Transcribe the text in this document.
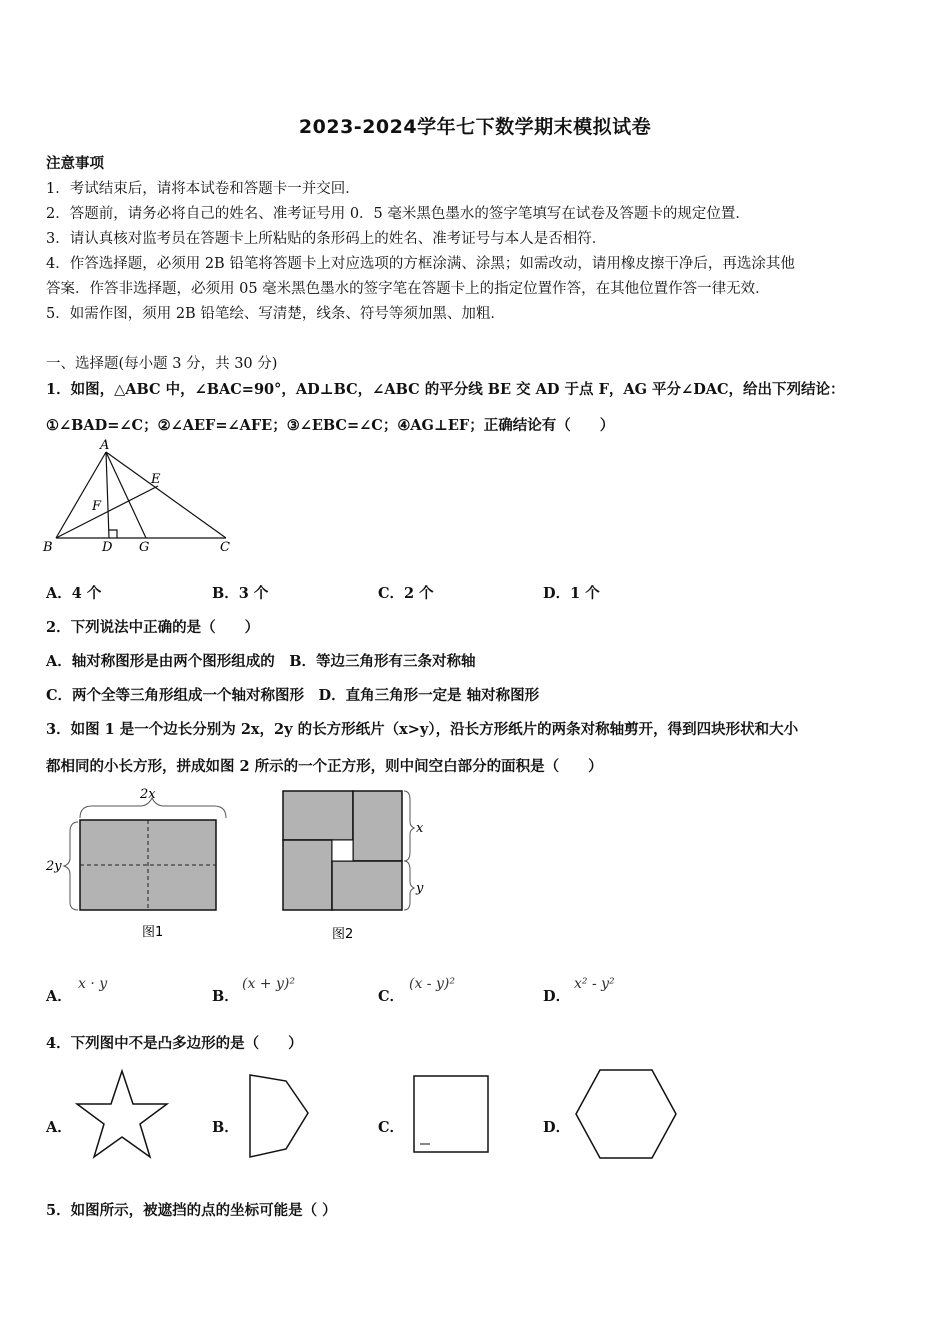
2023-2024学年七下数学期末模拟试卷
注意事项
1．考试结束后，请将本试卷和答题卡一并交回．
2．答题前，请务必将自己的姓名、准考证号用 0．5 毫米黑色墨水的签字笔填写在试卷及答题卡的规定位置．
3．请认真核对监考员在答题卡上所粘贴的条形码上的姓名、准考证号与本人是否相符．
4．作答选择题，必须用 2B 铅笔将答题卡上对应选项的方框涂满、涂黑；如需改动，请用橡皮擦干净后，再选涂其他
答案．作答非选择题，必须用 05 毫米黑色墨水的签字笔在答题卡上的指定位置作答，在其他位置作答一律无效．
5．如需作图，须用 2B 铅笔绘、写清楚，线条、符号等须加黑、加粗．
一、选择题(每小题 3 分，共 30 分)
1．如图，△ABC 中，∠BAC=90°，AD⊥BC，∠ABC 的平分线 BE 交 AD 于点 F，AG 平分∠DAC，给出下列结论：
①∠BAD=∠C；②∠AEF=∠AFE；③∠EBC=∠C；④AG⊥EF；正确结论有（　　）
A
B	C
D
E
F
G
A．4 个	B．3 个	C．2 个	D．1 个
2．下列说法中正确的是（　　）
A．轴对称图形是由两个图形组成的　B．等边三角形有三条对称轴
C．两个全等三角形组成一个轴对称图形　D．直角三角形一定是 轴对称图形
3．如图 1 是一个边长分别为 2x，2y 的长方形纸片（x>y），沿长方形纸片的两条对称轴剪开，得到四块形状和大小
都相同的小长方形，拼成如图 2 所示的一个正方形，则中间空白部分的面积是（　　）
2x
2y
图1
x
y
图2
A．
x · y
B．
(x + y)²
C．
(x - y)²
D．
x² - y²
4．下列图中不是凸多边形的是（　　）
A．	B．	C．	D．
5．如图所示，被遮挡的点的坐标可能是（ ）
